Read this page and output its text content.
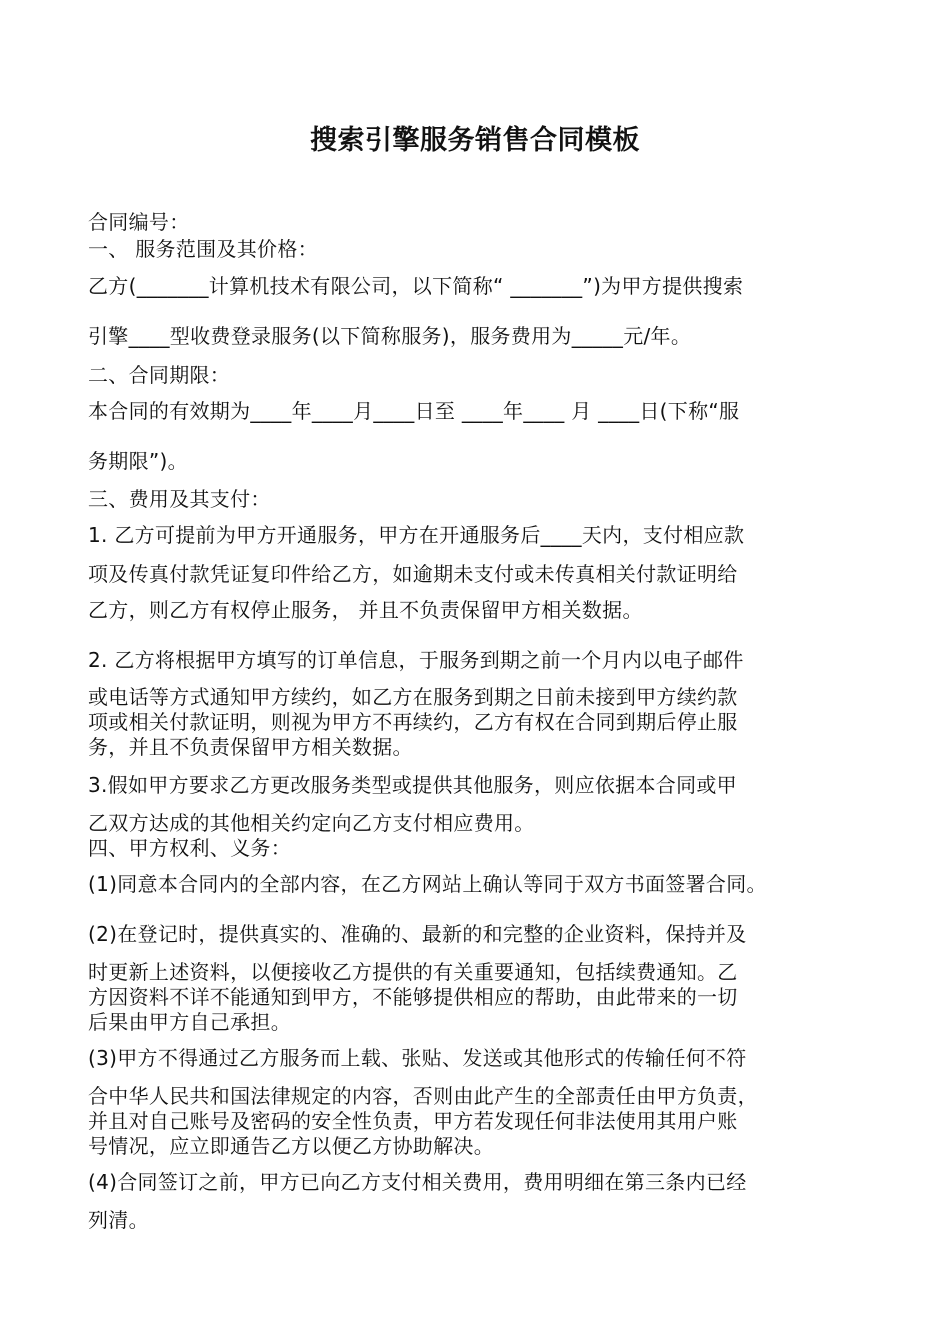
搜索引擎服务销售合同模板
合同编号：
一、 服务范围及其价格：
乙方(_______计算机技术有限公司，以下简称“ _______”)为甲方提供搜索
引擎____型收费登录服务(以下简称服务)，服务费用为_____元/年。
二、合同期限：
本合同的有效期为____年____月____日至 ____年____ 月 ____日(下称“服
务期限”)。
三、费用及其支付：
1. 乙方可提前为甲方开通服务，甲方在开通服务后____天内，支付相应款
项及传真付款凭证复印件给乙方，如逾期未支付或未传真相关付款证明给
乙方，则乙方有权停止服务， 并且不负责保留甲方相关数据。
2. 乙方将根据甲方填写的订单信息，于服务到期之前一个月内以电子邮件
或电话等方式通知甲方续约，如乙方在服务到期之日前未接到甲方续约款
项或相关付款证明，则视为甲方不再续约，乙方有权在合同到期后停止服
务，并且不负责保留甲方相关数据。
3.假如甲方要求乙方更改服务类型或提供其他服务，则应依据本合同或甲
乙双方达成的其他相关约定向乙方支付相应费用。
四、甲方权利、义务：
(1)同意本合同内的全部内容，在乙方网站上确认等同于双方书面签署合同。
(2)在登记时，提供真实的、准确的、最新的和完整的企业资料，保持并及
时更新上述资料，以便接收乙方提供的有关重要通知，包括续费通知。乙
方因资料不详不能通知到甲方，不能够提供相应的帮助，由此带来的一切
后果由甲方自己承担。
(3)甲方不得通过乙方服务而上载、张贴、发送或其他形式的传输任何不符
合中华人民共和国法律规定的内容，否则由此产生的全部责任由甲方负责，
并且对自己账号及密码的安全性负责，甲方若发现任何非法使用其用户账
号情况，应立即通告乙方以便乙方协助解决。
(4)合同签订之前，甲方已向乙方支付相关费用，费用明细在第三条内已经
列清。
